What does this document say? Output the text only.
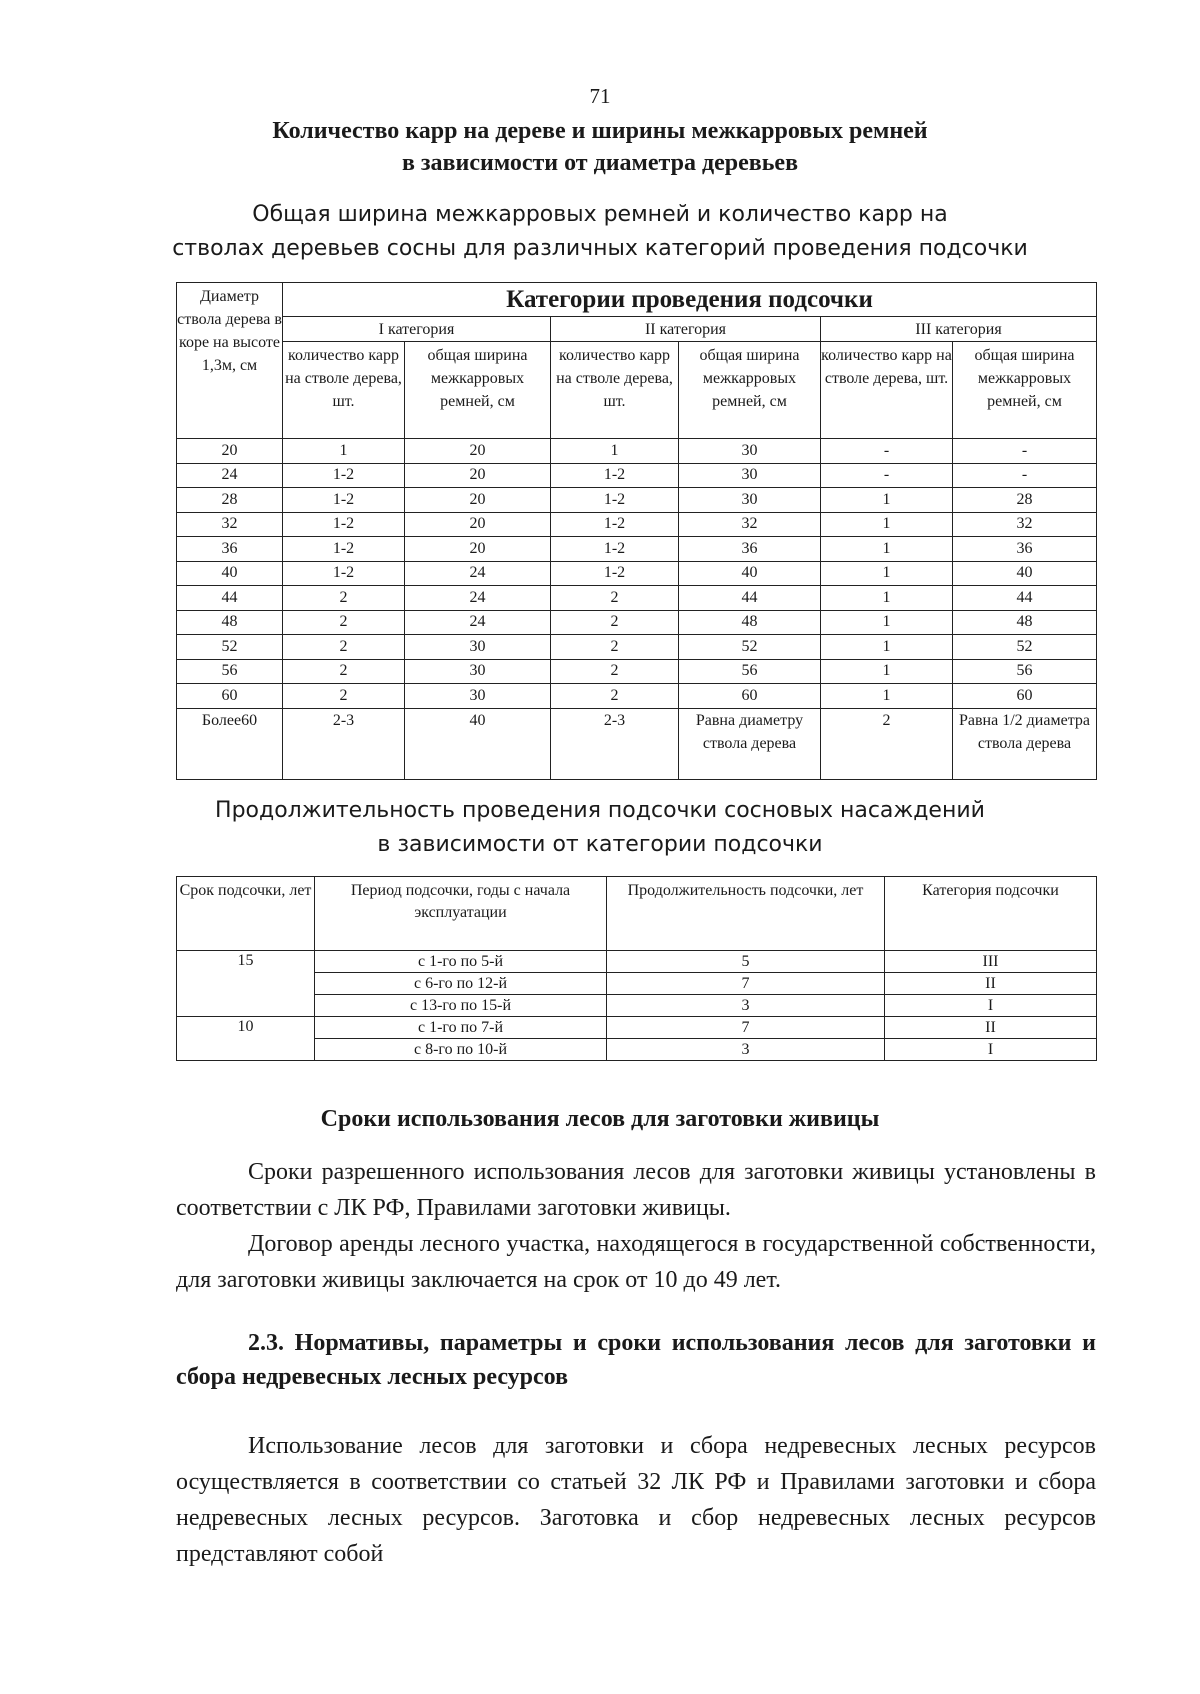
71
Количество карр на дереве и ширины межкарровых ремней
в зависимости от диаметра деревьев
Общая ширина межкарровых ремней и количество карр на
стволах деревьев сосны для различных категорий проведения подсочки
Диаметр ствола дерева в коре на высоте 1,3м, см	Категории проведения подсочки					
	I категория		II категория		III категория	
	количество карр на стволе дерева, шт.	общая ширина межкарровых ремней, см	количество карр на стволе дерева, шт.	общая ширина межкарровых ремней, см	количество карр на стволе дерева, шт.	общая ширина межкарровых ремней, см
20	1	20	1	30	-	-
24	1-2	20	1-2	30	-	-
28	1-2	20	1-2	30	1	28
32	1-2	20	1-2	32	1	32
36	1-2	20	1-2	36	1	36
40	1-2	24	1-2	40	1	40
44	2	24	2	44	1	44
48	2	24	2	48	1	48
52	2	30	2	52	1	52
56	2	30	2	56	1	56
60	2	30	2	60	1	60
Более60	2-3	40	2-3	Равна диаметру ствола дерева	2	Равна 1/2 диаметра ствола дерева
Продолжительность проведения подсочки сосновых насаждений
в зависимости от категории подсочки
Срок подсочки, лет	Период подсочки, годы с начала эксплуатации	Продолжительность подсочки, лет	Категория подсочки
15	с 1-го по 5-й	5	III
	с 6-го по 12-й	7	II
	с 13-го по 15-й	3	I
10	с 1-го по 7-й	7	II
	с 8-го по 10-й	3	I
Сроки использования лесов для заготовки живицы

Сроки разрешенного использования лесов для заготовки живицы установлены в соответствии с ЛК РФ, Правилами заготовки живицы.

Договор аренды лесного участка, находящегося в государственной собственности, для заготовки живицы заключается на срок от 10 до 49 лет.

2.3. Нормативы, параметры и сроки использования лесов для заготовки и сбора недревесных лесных ресурсов

Использование лесов для заготовки и сбора недревесных лесных ресурсов осуществляется в соответствии со статьей 32 ЛК РФ и Правилами заготовки и сбора недревесных лесных ресурсов. Заготовка и сбор недревесных лесных ресурсов представляют собой
